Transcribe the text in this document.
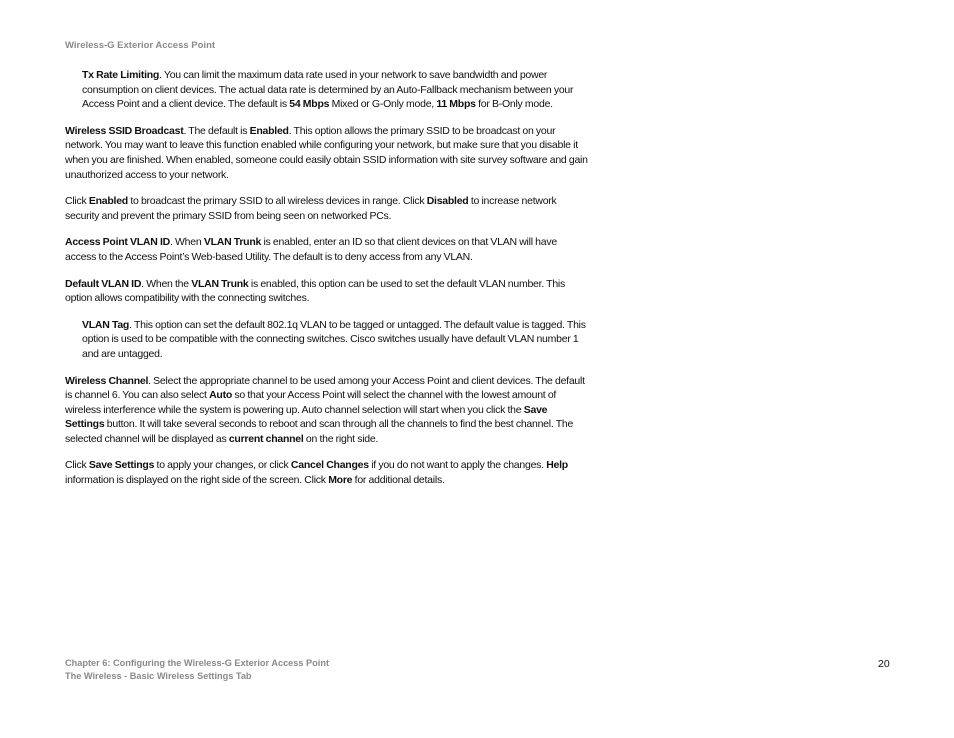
Wireless-G Exterior Access Point

Tx Rate Limiting. You can limit the maximum data rate used in your network to save bandwidth and power consumption on client devices. The actual data rate is determined by an Auto-Fallback mechanism between your Access Point and a client device. The default is 54 Mbps Mixed or G-Only mode, 11 Mbps for B-Only mode.

Wireless SSID Broadcast. The default is Enabled. This option allows the primary SSID to be broadcast on your network. You may want to leave this function enabled while configuring your network, but make sure that you disable it when you are finished. When enabled, someone could easily obtain SSID information with site survey software and gain unauthorized access to your network.

Click Enabled to broadcast the primary SSID to all wireless devices in range. Click Disabled to increase network security and prevent the primary SSID from being seen on networked PCs.

Access Point VLAN ID. When VLAN Trunk is enabled, enter an ID so that client devices on that VLAN will have access to the Access Point’s Web-based Utility. The default is to deny access from any VLAN.

Default VLAN ID. When the VLAN Trunk is enabled, this option can be used to set the default VLAN number. This option allows compatibility with the connecting switches.

VLAN Tag. This option can set the default 802.1q VLAN to be tagged or untagged. The default value is tagged. This option is used to be compatible with the connecting switches. Cisco switches usually have default VLAN number 1 and are untagged.

Wireless Channel. Select the appropriate channel to be used among your Access Point and client devices. The default is channel 6. You can also select Auto so that your Access Point will select the channel with the lowest amount of wireless interference while the system is powering up. Auto channel selection will start when you click the Save Settings button. It will take several seconds to reboot and scan through all the channels to find the best channel. The selected channel will be displayed as current channel on the right side.

Click Save Settings to apply your changes, or click Cancel Changes if you do not want to apply the changes. Help information is displayed on the right side of the screen. Click More for additional details.

Chapter 6: Configuring the Wireless-G Exterior Access Point
The Wireless - Basic Wireless Settings Tab
20
